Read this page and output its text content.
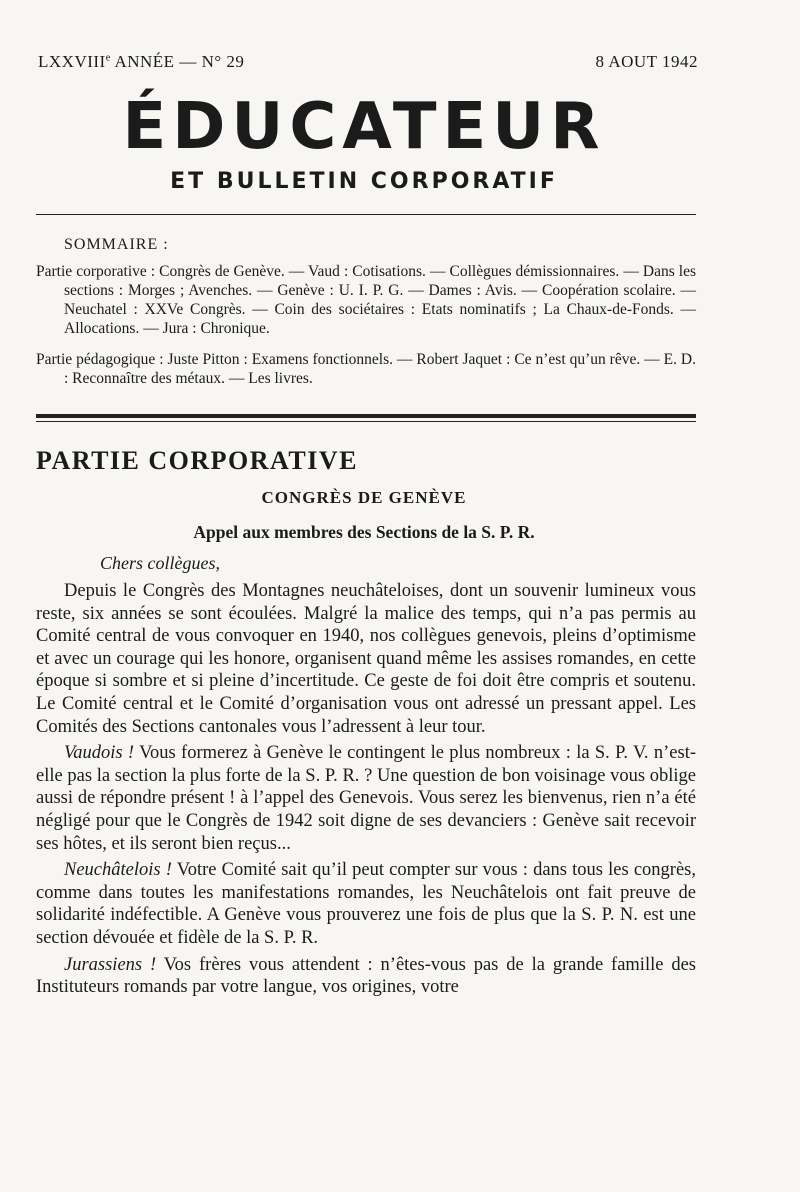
LXXVIIIe ANNÉE — N° 29	8 AOUT 1942
ÉDUCATEUR
ET BULLETIN CORPORATIF
SOMMAIRE :

Partie corporative : Congrès de Genève. — Vaud : Cotisations. — Collègues démissionnaires. — Dans les sections : Morges ; Avenches. — Genève : U. I. P. G. — Dames : Avis. — Coopération scolaire. — Neuchatel : XXVe Congrès. — Coin des sociétaires : Etats nominatifs ; La Chaux-de-Fonds. — Allocations. — Jura : Chronique.

Partie pédagogique : Juste Pitton : Examens fonctionnels. — Robert Jaquet : Ce n’est qu’un rêve. — E. D. : Reconnaître des métaux. — Les livres.

PARTIE CORPORATIVE
CONGRÈS DE GENÈVE
Appel aux membres des Sections de la S. P. R.
Chers collègues,

Depuis le Congrès des Montagnes neuchâteloises, dont un souvenir lumineux vous reste, six années se sont écoulées. Malgré la malice des temps, qui n’a pas permis au Comité central de vous convoquer en 1940, nos collègues genevois, pleins d’optimisme et avec un courage qui les honore, organisent quand même les assises romandes, en cette époque si sombre et si pleine d’incertitude. Ce geste de foi doit être compris et soutenu. Le Comité central et le Comité d’organisation vous ont adressé un pressant appel. Les Comités des Sections cantonales vous l’adressent à leur tour.

Vaudois ! Vous formerez à Genève le contingent le plus nombreux : la S. P. V. n’est-elle pas la section la plus forte de la S. P. R. ? Une question de bon voisinage vous oblige aussi de répondre présent ! à l’appel des Genevois. Vous serez les bienvenus, rien n’a été négligé pour que le Congrès de 1942 soit digne de ses devanciers : Genève sait recevoir ses hôtes, et ils seront bien reçus...

Neuchâtelois ! Votre Comité sait qu’il peut compter sur vous : dans tous les congrès, comme dans toutes les manifestations romandes, les Neuchâtelois ont fait preuve de solidarité indéfectible. A Genève vous prouverez une fois de plus que la S. P. N. est une section dévouée et fidèle de la S. P. R.

Jurassiens ! Vos frères vous attendent : n’êtes-vous pas de la grande famille des Instituteurs romands par votre langue, vos origines, votre
